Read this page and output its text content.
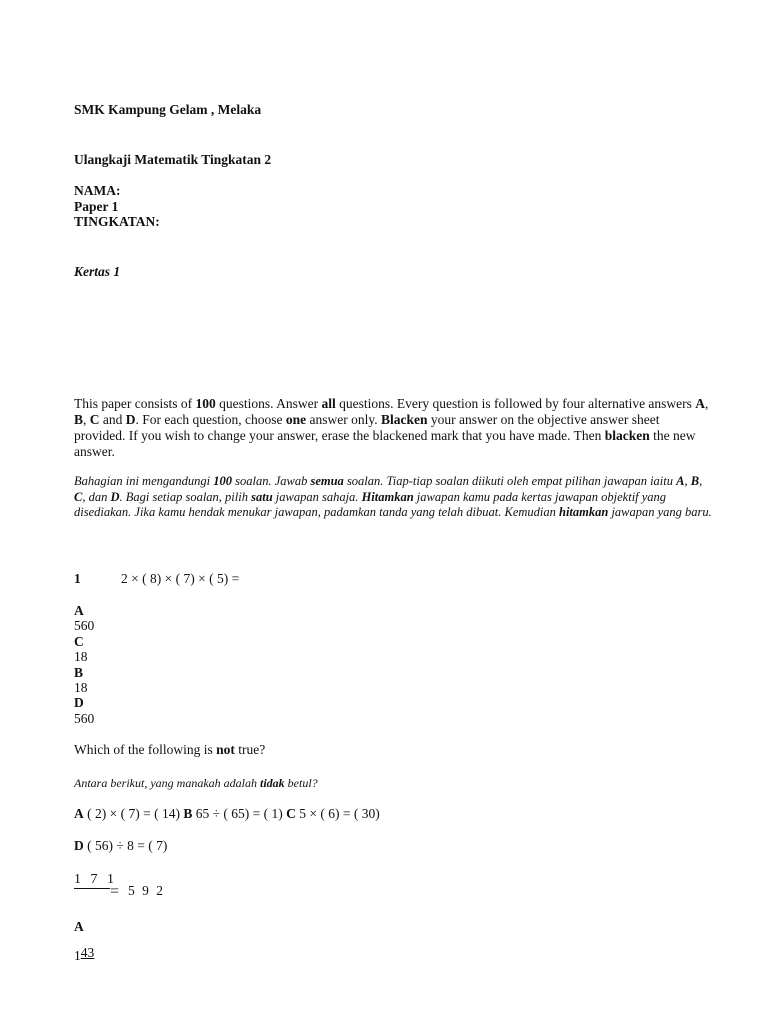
SMK Kampung Gelam , Melaka
Ulangkaji Matematik Tingkatan 2
NAMA:
Paper 1
TINGKATAN:
Kertas 1
This paper consists of 100 questions. Answer all questions. Every question is followed by four alternative answers A, B, C and D. For each question, choose one answer only. Blacken your answer on the objective answer sheet provided. If you wish to change your answer, erase the blackened mark that you have made. Then blacken the new answer.
Bahagian ini mengandungi 100 soalan. Jawab semua soalan. Tiap-tiap soalan diikuti oleh empat pilihan jawapan iaitu A, B, C, dan D. Bagi setiap soalan, pilih satu jawapan sahaja. Hitamkan jawapan kamu pada kertas jawapan objektif yang disediakan. Jika kamu hendak menukar jawapan, padamkan tanda yang telah dibuat. Kemudian hitamkan jawapan yang baru.
1	2 × ( 8) × ( 7) × ( 5) =
A
560
C
18
B
18
D
560
Which of the following is not true?
Antara berikut, yang manakah adalah tidak betul?
A ( 2) × ( 7) = ( 14) B 65 ÷ ( 65) = ( 1) C 5 × ( 6) = ( 30)
D ( 56) ÷ 8 = ( 7)
1 7 1
= 5 9 2
A
143
